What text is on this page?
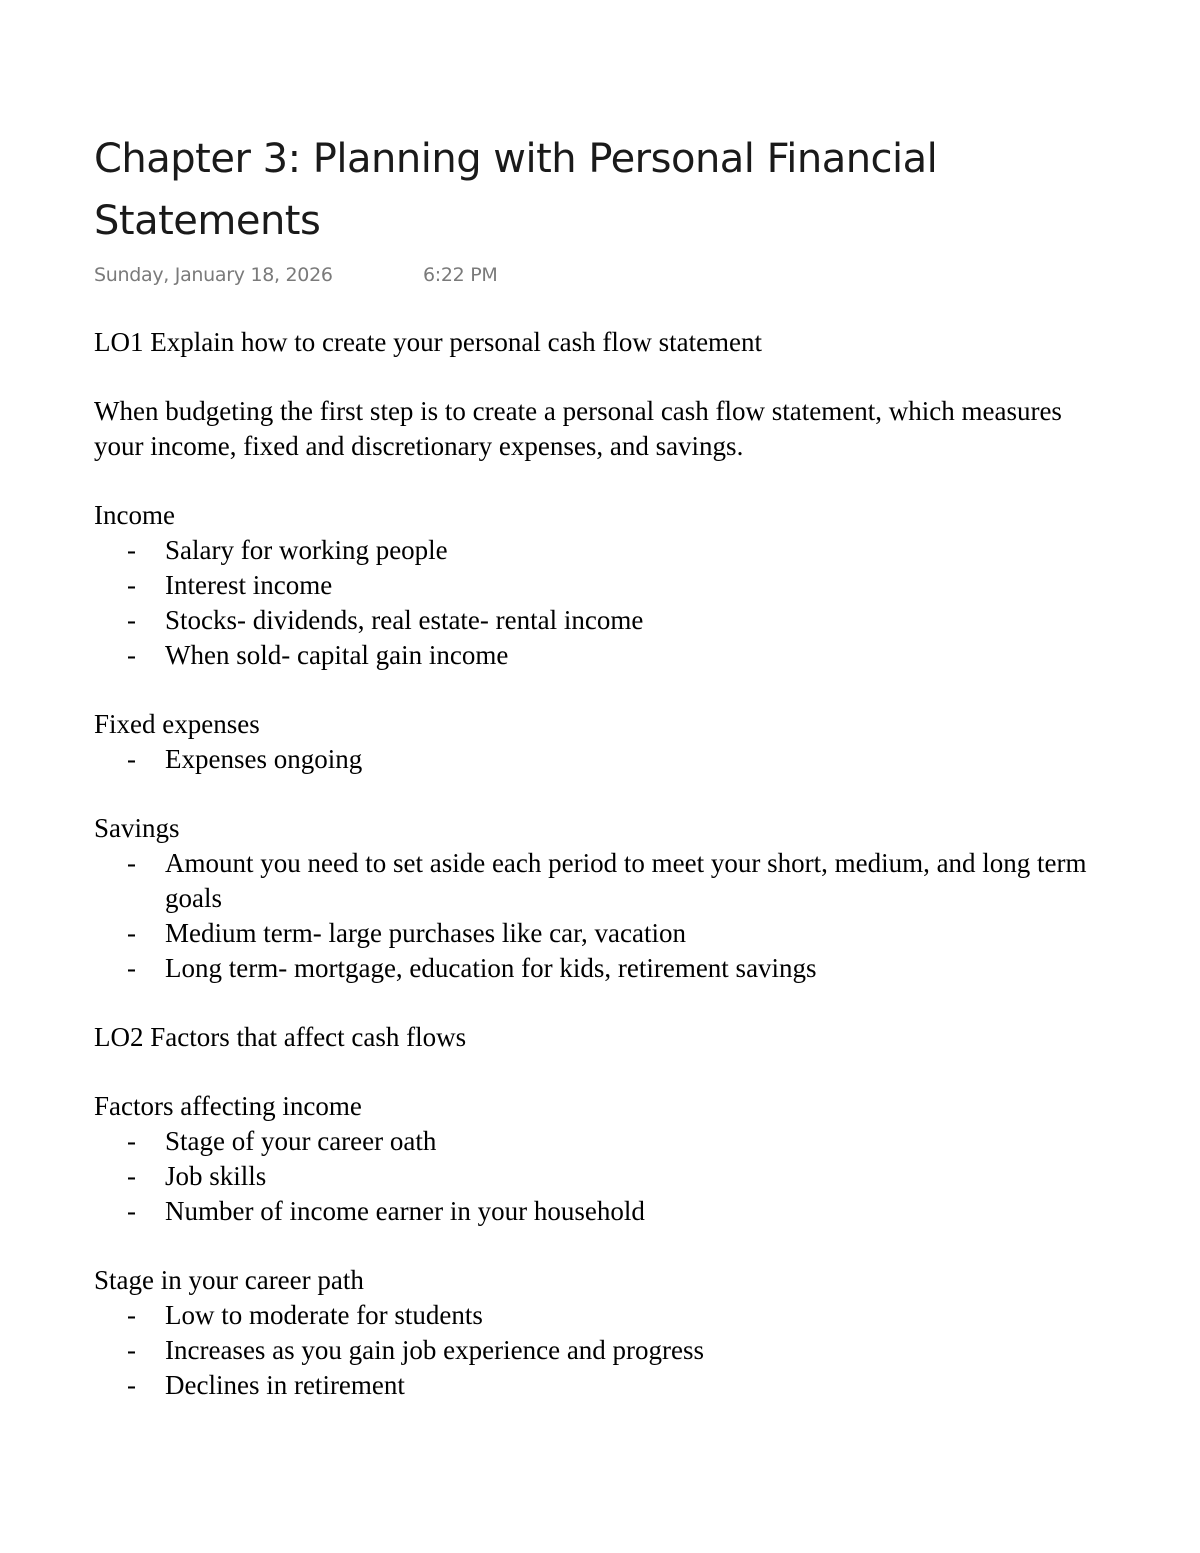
Chapter 3: Planning with Personal Financial Statements
Sunday, January 18, 2026	6:22 PM

LO1 Explain how to create your personal cash flow statement

When budgeting the first step is to create a personal cash flow statement, which measures your income, fixed and discretionary expenses, and savings.

Income

- Salary for working people
- Interest income
- Stocks- dividends, real estate- rental income
- When sold- capital gain income

Fixed expenses

- Expenses ongoing

Savings

- Amount you need to set aside each period to meet your short, medium, and long term goals
- Medium term- large purchases like car, vacation
- Long term- mortgage, education for kids, retirement savings

LO2 Factors that affect cash flows

Factors affecting income

- Stage of your career oath
- Job skills
- Number of income earner in your household

Stage in your career path

- Low to moderate for students
- Increases as you gain job experience and progress
- Declines in retirement
